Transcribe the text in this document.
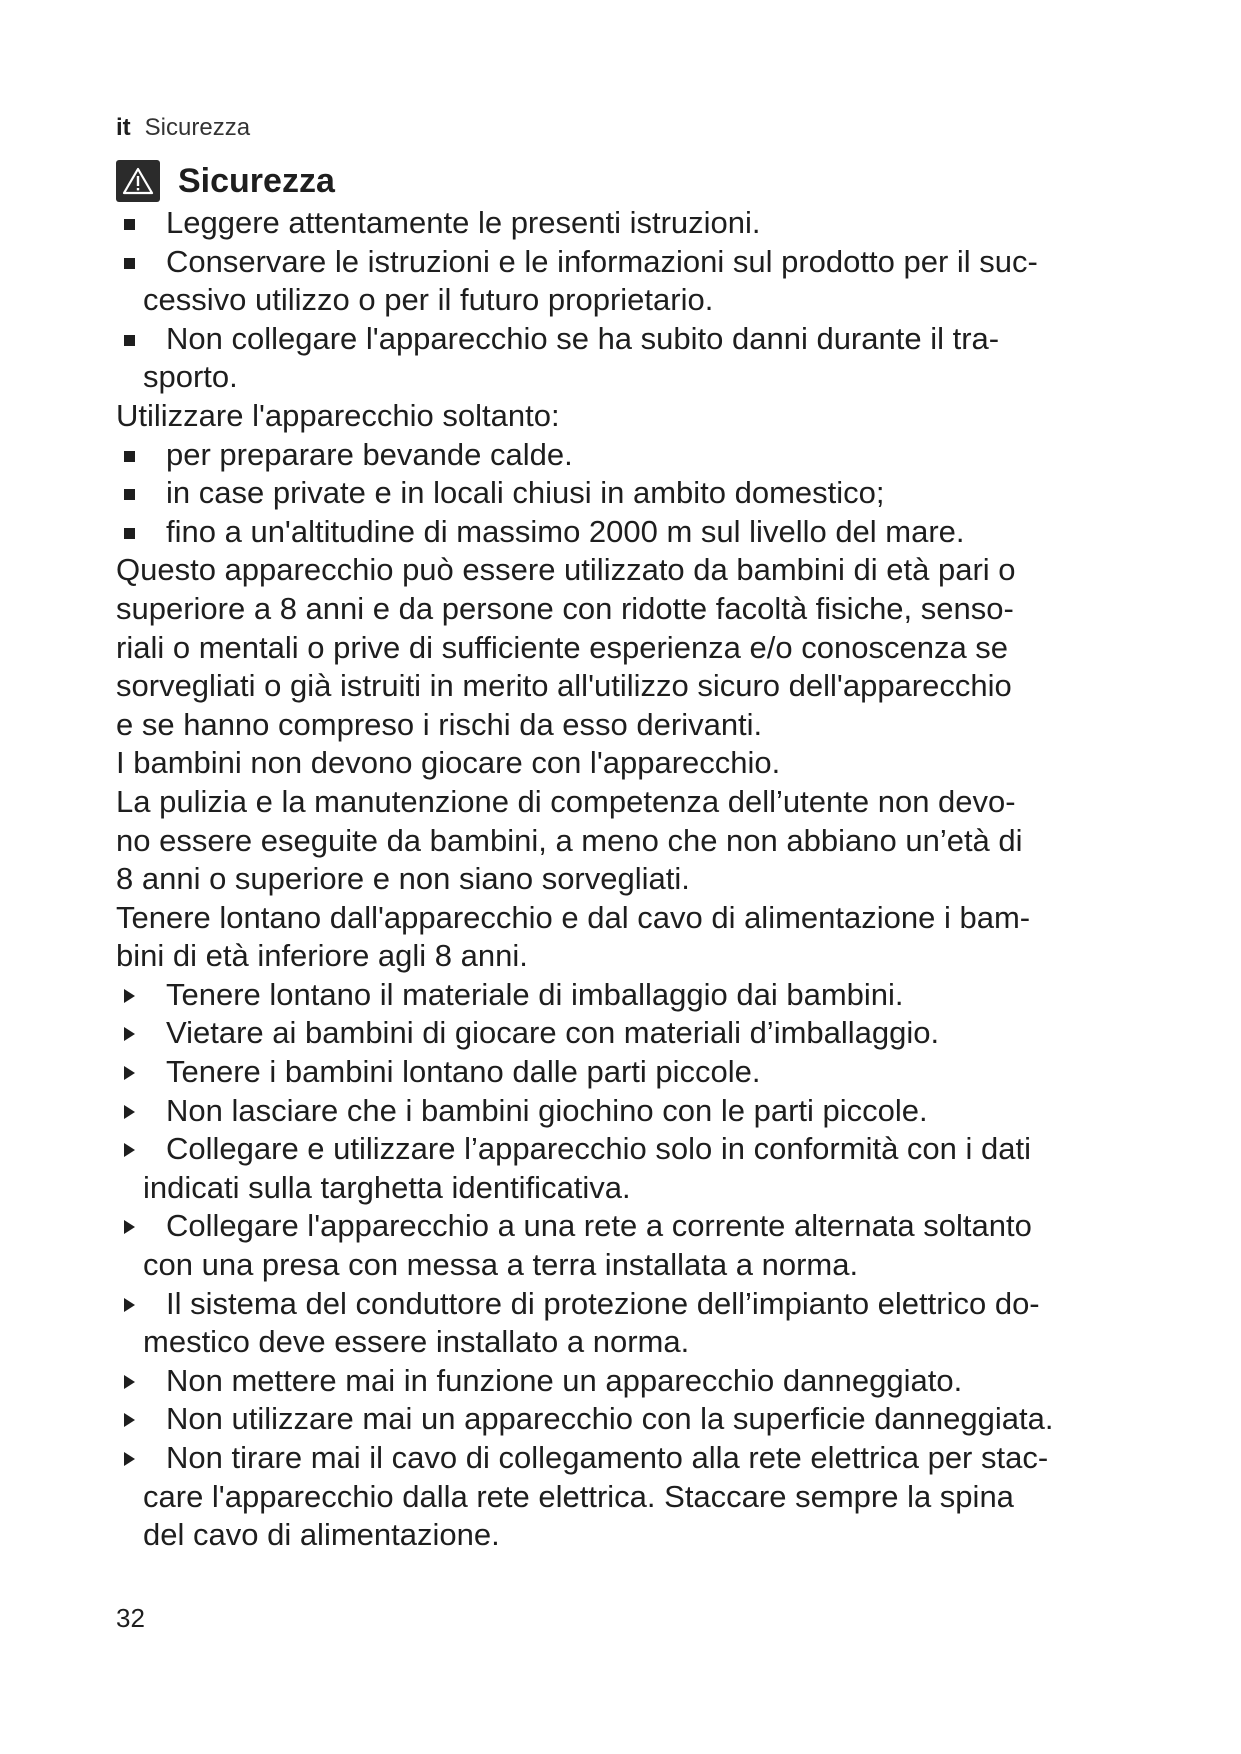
it Sicurezza
Sicurezza
Leggere attentamente le presenti istruzioni.
Conservare le istruzioni e le informazioni sul prodotto per il suc-
cessivo utilizzo o per il futuro proprietario.
Non collegare l'apparecchio se ha subito danni durante il tra-
sporto.
Utilizzare l'apparecchio soltanto:
per preparare bevande calde.
in case private e in locali chiusi in ambito domestico;
fino a un'altitudine di massimo 2000 m sul livello del mare.
Questo apparecchio può essere utilizzato da bambini di età pari o
superiore a 8 anni e da persone con ridotte facoltà fisiche, senso-
riali o mentali o prive di sufficiente esperienza e/o conoscenza se
sorvegliati o già istruiti in merito all'utilizzo sicuro dell'apparecchio
e se hanno compreso i rischi da esso derivanti.
I bambini non devono giocare con l'apparecchio.
La pulizia e la manutenzione di competenza dell’utente non devo-
no essere eseguite da bambini, a meno che non abbiano un’età di
8 anni o superiore e non siano sorvegliati.
Tenere lontano dall'apparecchio e dal cavo di alimentazione i bam-
bini di età inferiore agli 8 anni.
Tenere lontano il materiale di imballaggio dai bambini.
Vietare ai bambini di giocare con materiali d’imballaggio.
Tenere i bambini lontano dalle parti piccole.
Non lasciare che i bambini giochino con le parti piccole.
Collegare e utilizzare l’apparecchio solo in conformità con i dati
indicati sulla targhetta identificativa.
Collegare l'apparecchio a una rete a corrente alternata soltanto
con una presa con messa a terra installata a norma.
Il sistema del conduttore di protezione dell’impianto elettrico do-
mestico deve essere installato a norma.
Non mettere mai in funzione un apparecchio danneggiato.
Non utilizzare mai un apparecchio con la superficie danneggiata.
Non tirare mai il cavo di collegamento alla rete elettrica per stac-
care l'apparecchio dalla rete elettrica. Staccare sempre la spina
del cavo di alimentazione.
32
